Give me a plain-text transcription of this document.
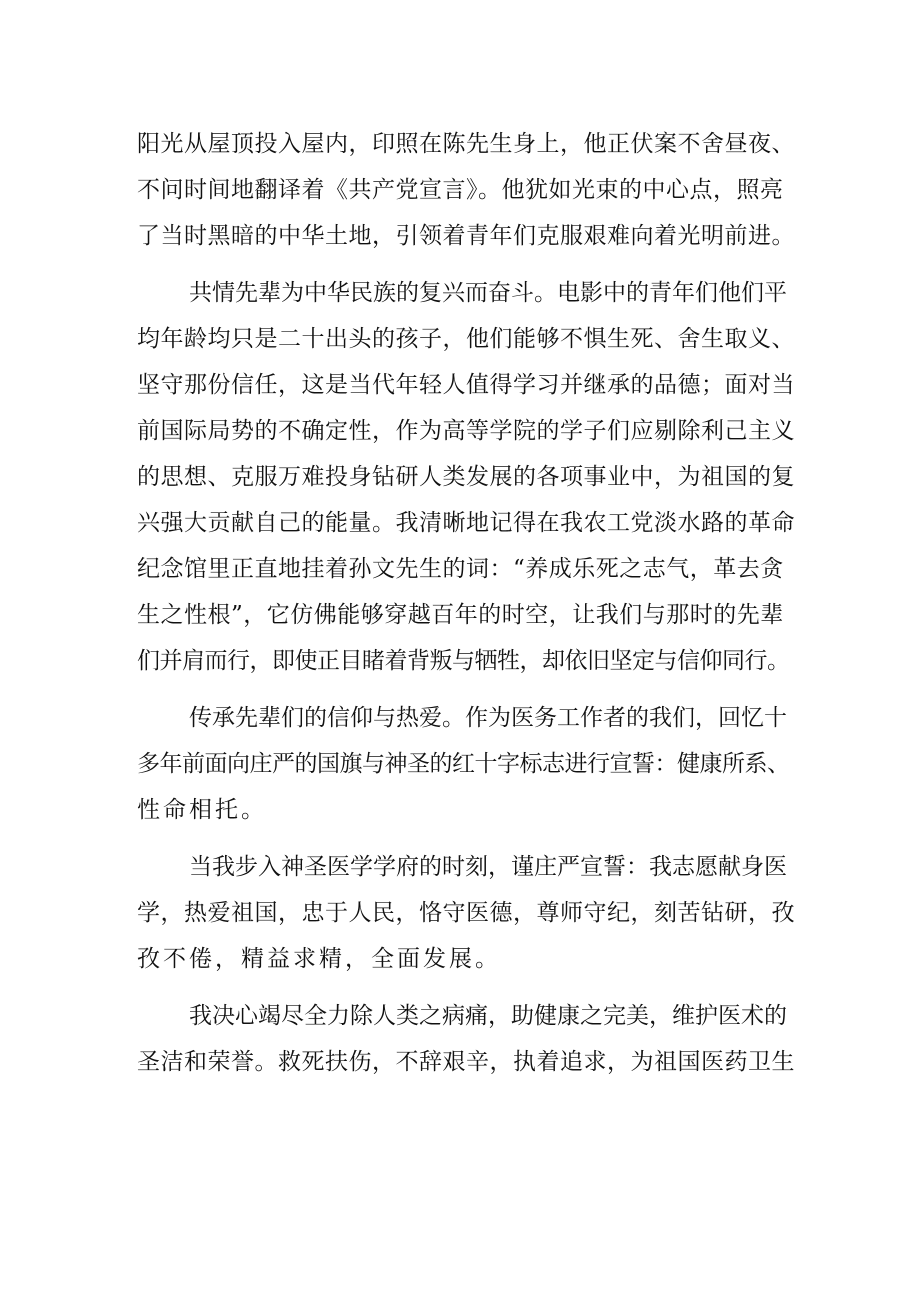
阳光从屋顶投入屋内，印照在陈先生身上，他正伏案不舍昼夜、
不问时间地翻译着《共产党宣言》。他犹如光束的中心点，照亮
了当时黑暗的中华土地，引领着青年们克服艰难向着光明前进。

共情先辈为中华民族的复兴而奋斗。电影中的青年们他们平
均年龄均只是二十出头的孩子，他们能够不惧生死、舍生取义、
坚守那份信任，这是当代年轻人值得学习并继承的品德；面对当
前国际局势的不确定性，作为高等学院的学子们应剔除利己主义
的思想、克服万难投身钻研人类发展的各项事业中，为祖国的复
兴强大贡献自己的能量。我清晰地记得在我农工党淡水路的革命
纪念馆里正直地挂着孙文先生的词：“养成乐死之志气，革去贪
生之性根”，它仿佛能够穿越百年的时空，让我们与那时的先辈
们并肩而行，即使正目睹着背叛与牺牲，却依旧坚定与信仰同行。

传承先辈们的信仰与热爱。作为医务工作者的我们，回忆十
多年前面向庄严的国旗与神圣的红十字标志进行宣誓：健康所系、
性命相托。

当我步入神圣医学学府的时刻，谨庄严宣誓：我志愿献身医
学，热爱祖国，忠于人民，恪守医德，尊师守纪，刻苦钻研，孜
孜不倦，精益求精，全面发展。

我决心竭尽全力除人类之病痛，助健康之完美，维护医术的
圣洁和荣誉。救死扶伤，不辞艰辛，执着追求，为祖国医药卫生
